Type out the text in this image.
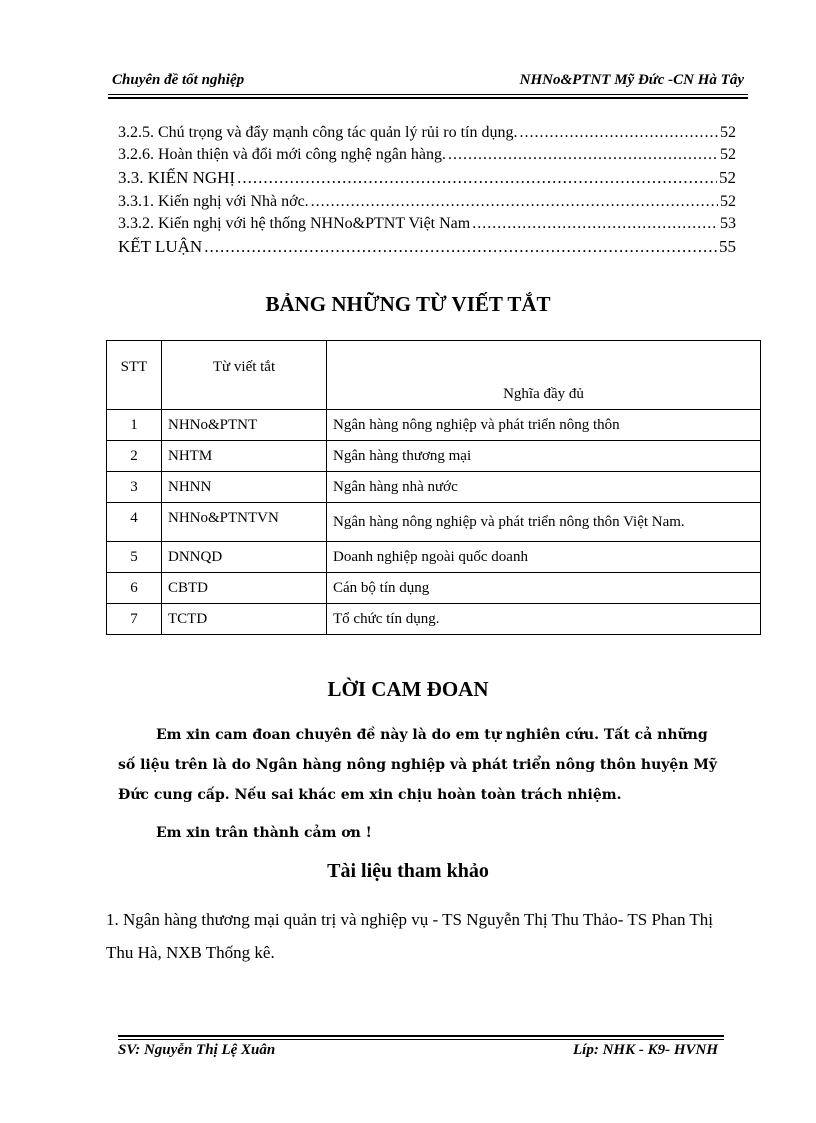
Chuyên đề tốt nghiệp	NHNo&PTNT Mỹ Đức -CN Hà Tây
3.2.5. Chú trọng và đẩy mạnh công tác quản lý rủi ro tín dụng. .....	52
3.2.6. Hoàn thiện và đổi mới công nghệ ngân hàng. .....	52
3.3. KIẾN NGHỊ .....	52
3.3.1. Kiến nghị với Nhà nớc. .....	52
3.3.2. Kiến nghị với hệ thống NHNo&PTNT Việt Nam .....	53
KẾT LUẬN .....	55
BẢNG NHỮNG TỪ VIẾT TẮT
STT	Từ viết tắt	Nghĩa đầy đủ
1	NHNo&PTNT	Ngân hàng nông nghiệp và phát triển nông thôn
2	NHTM	Ngân hàng thương mại
3	NHNN	Ngân hàng nhà nước
4	NHNo&PTNTVN	Ngân hàng nông nghiệp và phát triển nông thôn Việt Nam.
5	DNNQD	Doanh nghiệp ngoài quốc doanh
6	CBTD	Cán bộ tín dụng
7	TCTD	Tổ chức tín dụng.
LỜI CAM ĐOAN
Em xin cam đoan chuyên đề này là do em tự nghiên cứu. Tất cả những số liệu trên là do Ngân hàng nông nghiệp và phát triển nông thôn huyện Mỹ Đức cung cấp. Nếu sai khác em xin chịu hoàn toàn trách nhiệm.
Em xin trân thành cảm ơn !
Tài liệu tham khảo
1. Ngân hàng thương mại quản trị và nghiệp vụ - TS Nguyễn Thị Thu Thảo- TS Phan Thị Thu Hà, NXB Thống kê.
SV: Nguyễn Thị Lệ Xuân	Líp: NHK - K9- HVNH
